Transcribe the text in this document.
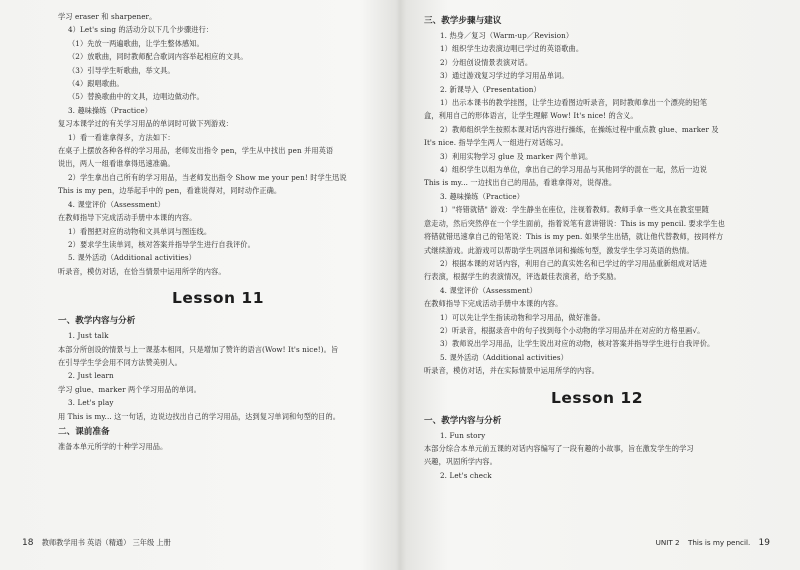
学习 eraser 和 sharpener。
4）Let's sing 的活动分以下几个步骤进行：
（1）先放一两遍歌曲，让学生整体感知。
（2）放歌曲，同时教师配合歌词内容举起相应的文具。
（3）引导学生听歌曲，举文具。
（4）跟唱歌曲。
（5）替换歌曲中的文具，边唱边做动作。
3. 趣味操练（Practice）
复习本课学过的有关学习用品的单词时可做下列游戏：
1）看一看谁拿得多，方法如下：
在桌子上摆放各种各样的学习用品，老师发出指令 pen，学生从中找出 pen 并用英语
说出，两人一组看谁拿得迅速准确。
2）学生拿出自己所有的学习用品，当老师发出指令 Show me your pen! 时学生迅说
This is my pen，边举起手中的 pen，看谁说得对，同时动作正确。
4. 课堂评价（Assessment）
在教师指导下完成活动手册中本课的内容。
1）看图把对应的动物和文具单词与图连线。
2）要求学生读单词，核对答案并指导学生进行自我评价。
5. 课外活动（Additional activities）
听录音，模仿对话，在恰当情景中运用所学的内容。
Lesson 11
一、教学内容与分析
1. Just talk
本部分所创设的情景与上一课基本相同，只是增加了赞许的语言(Wow! It's nice!)。旨
在引导学生学会用不同方法赞美别人。
2. Just learn
学习 glue、marker 两个学习用品的单词。
3. Let's play
用 This is my... 这一句话，边说边找出自己的学习用品，达到复习单词和句型的目的。
二、课前准备
准备本单元所学的十种学习用品。
18 教师教学用书 英语（精通） 三年级 上册
三、教学步骤与建议
1. 热身／复习（Warm-up／Revision）
1）组织学生边表演边唱已学过的英语歌曲。
2）分组创设情景表演对话。
3）通过游戏复习学过的学习用品单词。
2. 新课导入（Presentation）
1）出示本课书的教学挂图，让学生边看图边听录音，同时教师拿出一个漂亮的铅笔
盒，利用自己的形体语言，让学生理解 Wow! It's nice! 的含义。
2）教师组织学生按照本课对话内容进行操练，在操练过程中重点教 glue、marker 及
It's nice. 指导学生两人一组进行对话练习。
3）利用实物学习 glue 及 marker 两个单词。
4）组织学生以组为单位，拿出自己的学习用品与其他同学的混在一起，然后一边说
This is my... 一边找出自己的用品，看谁拿得对，说得准。
3. 趣味操练（Practice）
1）"将错就错" 游戏：学生静坐在座位，注视着教师。教师手拿一些文具在教室里随
意走动，然后突然停在一个学生面前，指着说笔有意讲错说：This is my pencil. 要求学生也
将错就错迅速拿自己的铅笔说：This is my pen. 如果学生出错，就让他代替教师，按同样方
式继续游戏。此游戏可以帮助学生巩固单词和操练句型，激发学生学习英语的热情。
2）根据本课的对话内容，利用自己的真实姓名和已学过的学习用品重新组成对话进
行表演，根据学生的表演情况，评选最佳表演者，给予奖励。
4. 课堂评价（Assessment）
在教师指导下完成活动手册中本课的内容。
1）可以先让学生指读动物和学习用品，做好准备。
2）听录音，根据录音中的句子找到每个小动物的学习用品并在对应的方格里画√。
3）教师说出学习用品，让学生说出对应的动物，核对答案并指导学生进行自我评价。
5. 课外活动（Additional activities）
听录音，模仿对话，并在实际情景中运用所学的内容。
Lesson 12
一、教学内容与分析
1. Fun story
本部分综合本单元前五课的对话内容编写了一段有趣的小故事，旨在激发学生的学习
兴趣，巩固所学内容。
2. Let's check
UNIT 2 This is my pencil. 19
